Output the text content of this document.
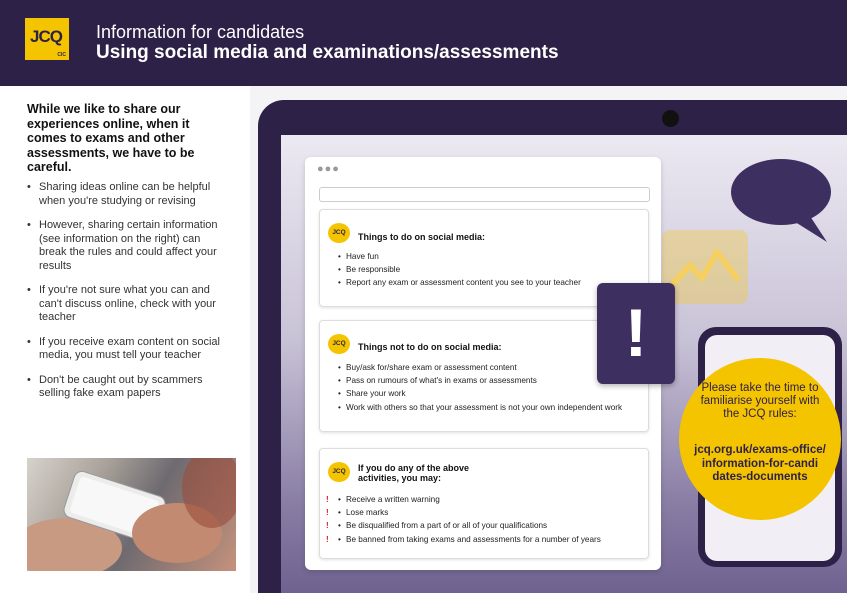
JCQ
CIC
Information for candidates
Using social media and examinations/assessments
While we like to share our experiences online, when it comes to exams and other assessments, we have to be careful.
• Sharing ideas online can be helpful when you're studying or revising
• However, sharing certain information (see information on the right) can break the rules and could affect your results
• If you're not sure what you can and can't discuss online, check with your teacher
• If you receive exam content on social media, you must tell your teacher
• Don't be caught out by scammers selling fake exam papers
●●●
JCQ	Things to do on social media:
• Have fun
• Be responsible
• Report any exam or assessment content you see to your teacher
JCQ	Things not to do on social media:
• Buy/ask for/share exam or assessment content
• Pass on rumours of what's in exams or assessments
• Share your work
• Work with others so that your assessment is not your own independent work
JCQ	If you do any of the above activities, you may:
• ! Receive a written warning
• ! Lose marks
• ! Be disqualified from a part of or all of your qualifications
• ! Be banned from taking exams and assessments for a number of years
!
Please take the time to familiarise yourself with the JCQ rules:
jcq.org.uk/exams-office/ information-for-candi dates-documents
